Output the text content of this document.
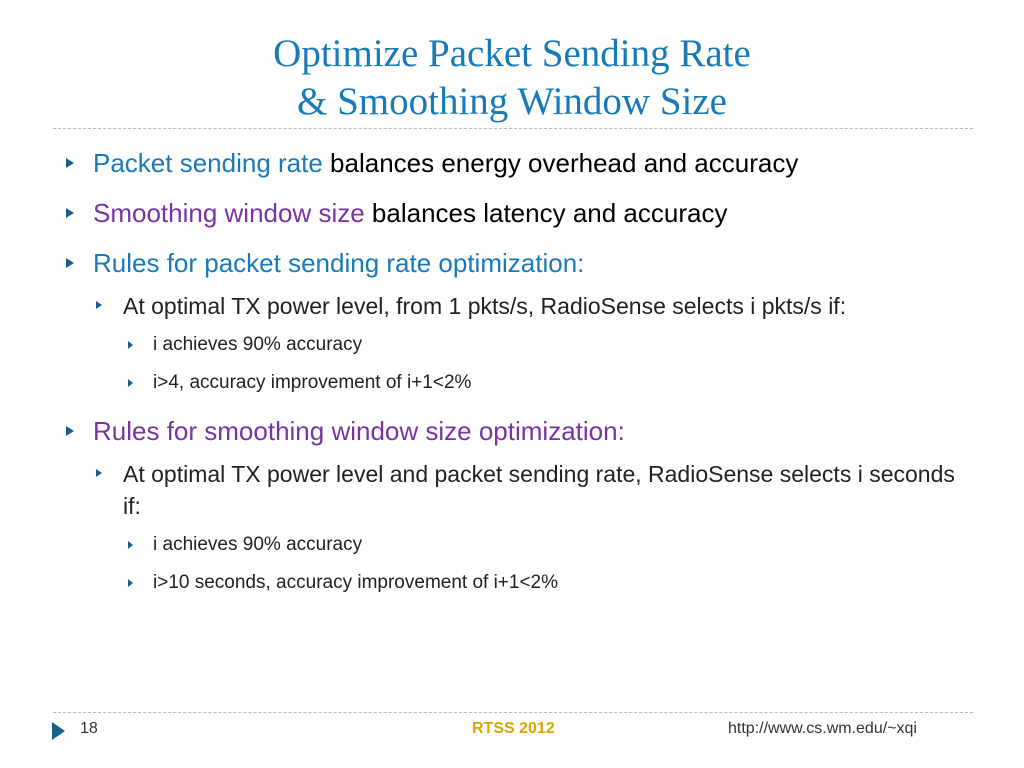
Optimize Packet Sending Rate
& Smoothing Window Size
Packet sending rate balances energy overhead and accuracy
Smoothing window size balances latency and accuracy
Rules for packet sending rate optimization:
At optimal TX power level, from 1 pkts/s, RadioSense selects i pkts/s if:
i achieves 90% accuracy
i>4, accuracy improvement of i+1<2%
Rules for smoothing window size optimization:
At optimal TX power level and packet sending rate, RadioSense selects i seconds if:
i achieves 90% accuracy
i>10 seconds, accuracy improvement of i+1<2%
18	RTSS 2012	http://www.cs.wm.edu/~xqi
